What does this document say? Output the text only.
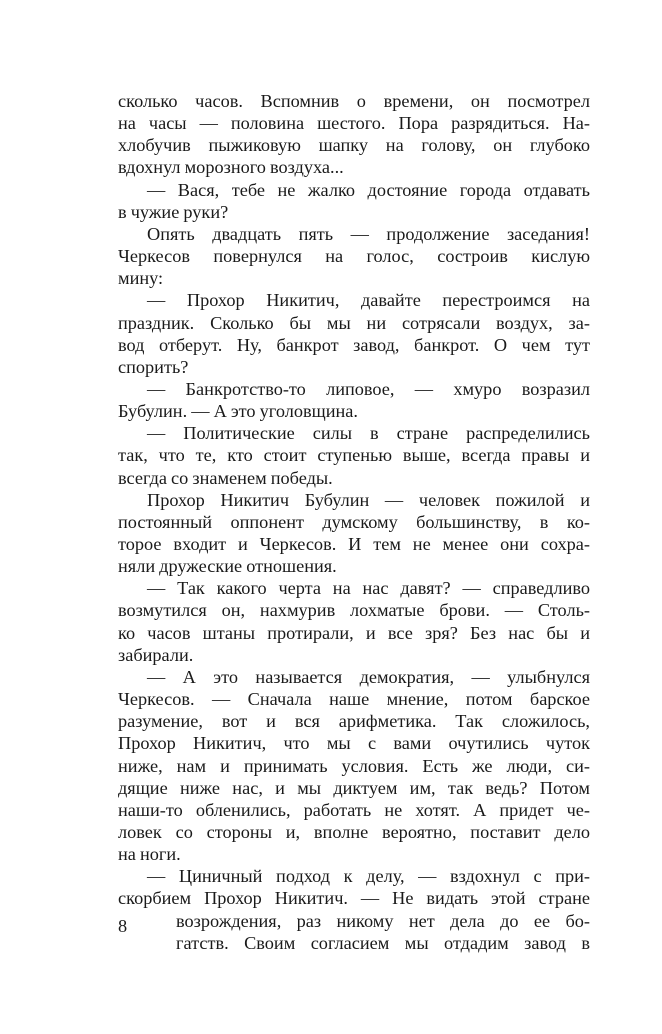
сколько часов. Вспомнив о времени, он посмотрел
на часы — половина шестого. Пора разрядиться. На-
хлобучив пыжиковую шапку на голову, он глубоко
вдохнул морозного воздуха...
— Вася, тебе не жалко достояние города отдавать
в чужие руки?
Опять двадцать пять — продолжение заседания!
Черкесов повернулся на голос, состроив кислую
мину:
— Прохор Никитич, давайте перестроимся на
праздник. Сколько бы мы ни сотрясали воздух, за-
вод отберут. Ну, банкрот завод, банкрот. О чем тут
спорить?
— Банкротство-то липовое, — хмуро возразил
Бубулин. — А это уголовщина.
— Политические силы в стране распределились
так, что те, кто стоит ступенью выше, всегда правы и
всегда со знаменем победы.
Прохор Никитич Бубулин — человек пожилой и
постоянный оппонент думскому большинству, в ко-
торое входит и Черкесов. И тем не менее они сохра-
няли дружеские отношения.
— Так какого черта на нас давят? — справедливо
возмутился он, нахмурив лохматые брови. — Столь-
ко часов штаны протирали, и все зря? Без нас бы и
забирали.
— А это называется демократия, — улыбнулся
Черкесов. — Сначала наше мнение, потом барское
разумение, вот и вся арифметика. Так сложилось,
Прохор Никитич, что мы с вами очутились чуток
ниже, нам и принимать условия. Есть же люди, си-
дящие ниже нас, и мы диктуем им, так ведь? Потом
наши-то обленились, работать не хотят. А придет че-
ловек со стороны и, вполне вероятно, поставит дело
на ноги.
— Циничный подход к делу, — вздохнул с при-
скорбием Прохор Никитич. — Не видать этой стране
возрождения, раз никому нет дела до ее бо-
гатств. Своим согласием мы отдадим завод в
8
